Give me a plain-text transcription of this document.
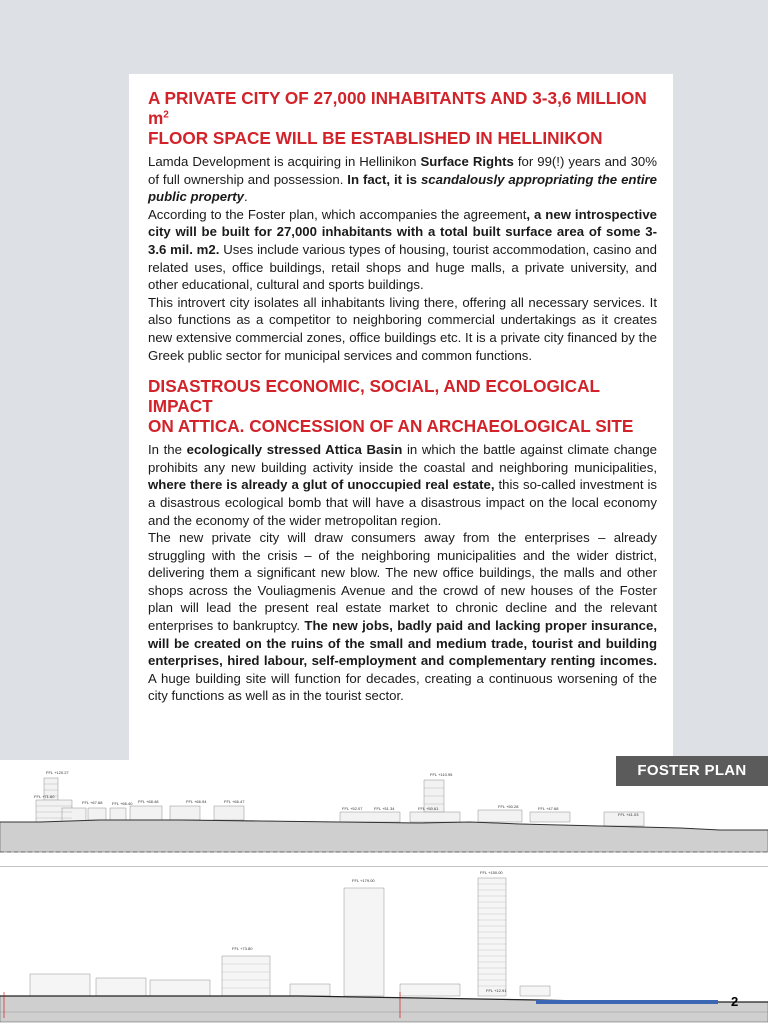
A PRIVATE CITY OF 27,000 INHABITANTS AND 3-3,6 MILLION $m^2$
FLOOR SPACE WILL BE ESTABLISHED IN HELLINIKON

Lamda Development is acquiring in Hellinikon Surface Rights for 99(!) years and 30% of full ownership and possession. In fact, it is scandalously appropriating the entire public property.

According to the Foster plan, which accompanies the agreement, a new introspective city will be built for 27,000 inhabitants with a total built surface area of some 3-3.6 mil. m2. Uses include various types of housing, tourist accommodation, casino and related uses, office buildings, retail shops and huge malls, a private university, and other educational, cultural and sports buildings.

This introvert city isolates all inhabitants living there, offering all necessary services. It also functions as a competitor to neighboring commercial undertakings as it creates new extensive commercial zones, office buildings etc. It is a private city financed by the Greek public sector for municipal services and common functions.

DISASTROUS ECONOMIC, SOCIAL, AND ECOLOGICAL IMPACT
ON ATTICA. CONCESSION OF AN ARCHAEOLOGICAL SITE

In the ecologically stressed Attica Basin in which the battle against climate change prohibits any new building activity inside the coastal and neighboring municipalities, where there is already a glut of unoccupied real estate, this so-called investment is a disastrous ecological bomb that will have a disastrous impact on the local economy and the economy of the wider metropolitan region.

The new private city will draw consumers away from the enterprises – already struggling with the crisis – of the neighboring municipalities and the wider district, delivering them a significant new blow. The new office buildings, the malls and other shops across the Vouliagmenis Avenue and the crowd of new houses of the Foster plan will lead the present real estate market to chronic decline and the relevant enterprises to bankruptcy. The new jobs, badly paid and lacking proper insurance, will be created on the ruins of the small and medium trade, tourist and building enterprises, hired labour, self-employment and complementary renting incomes. A huge building site will function for decades, creating a continuous worsening of the city functions as well as in the tourist sector.

FFL +120.27
FFL +71.60
FFL +67.68 FFL +66.40 FFL +68.48	FFL +66.94	FFL +66.47
FFL +110.95
FFL +52.07	FFL +51.34	FFL +50.61	FFL +50.28	FFL +47.68
FFL +41.03
FFL +179.00
FFL +150.00
FFL +73.80
FFL +12.91
FOSTER PLAN
2
